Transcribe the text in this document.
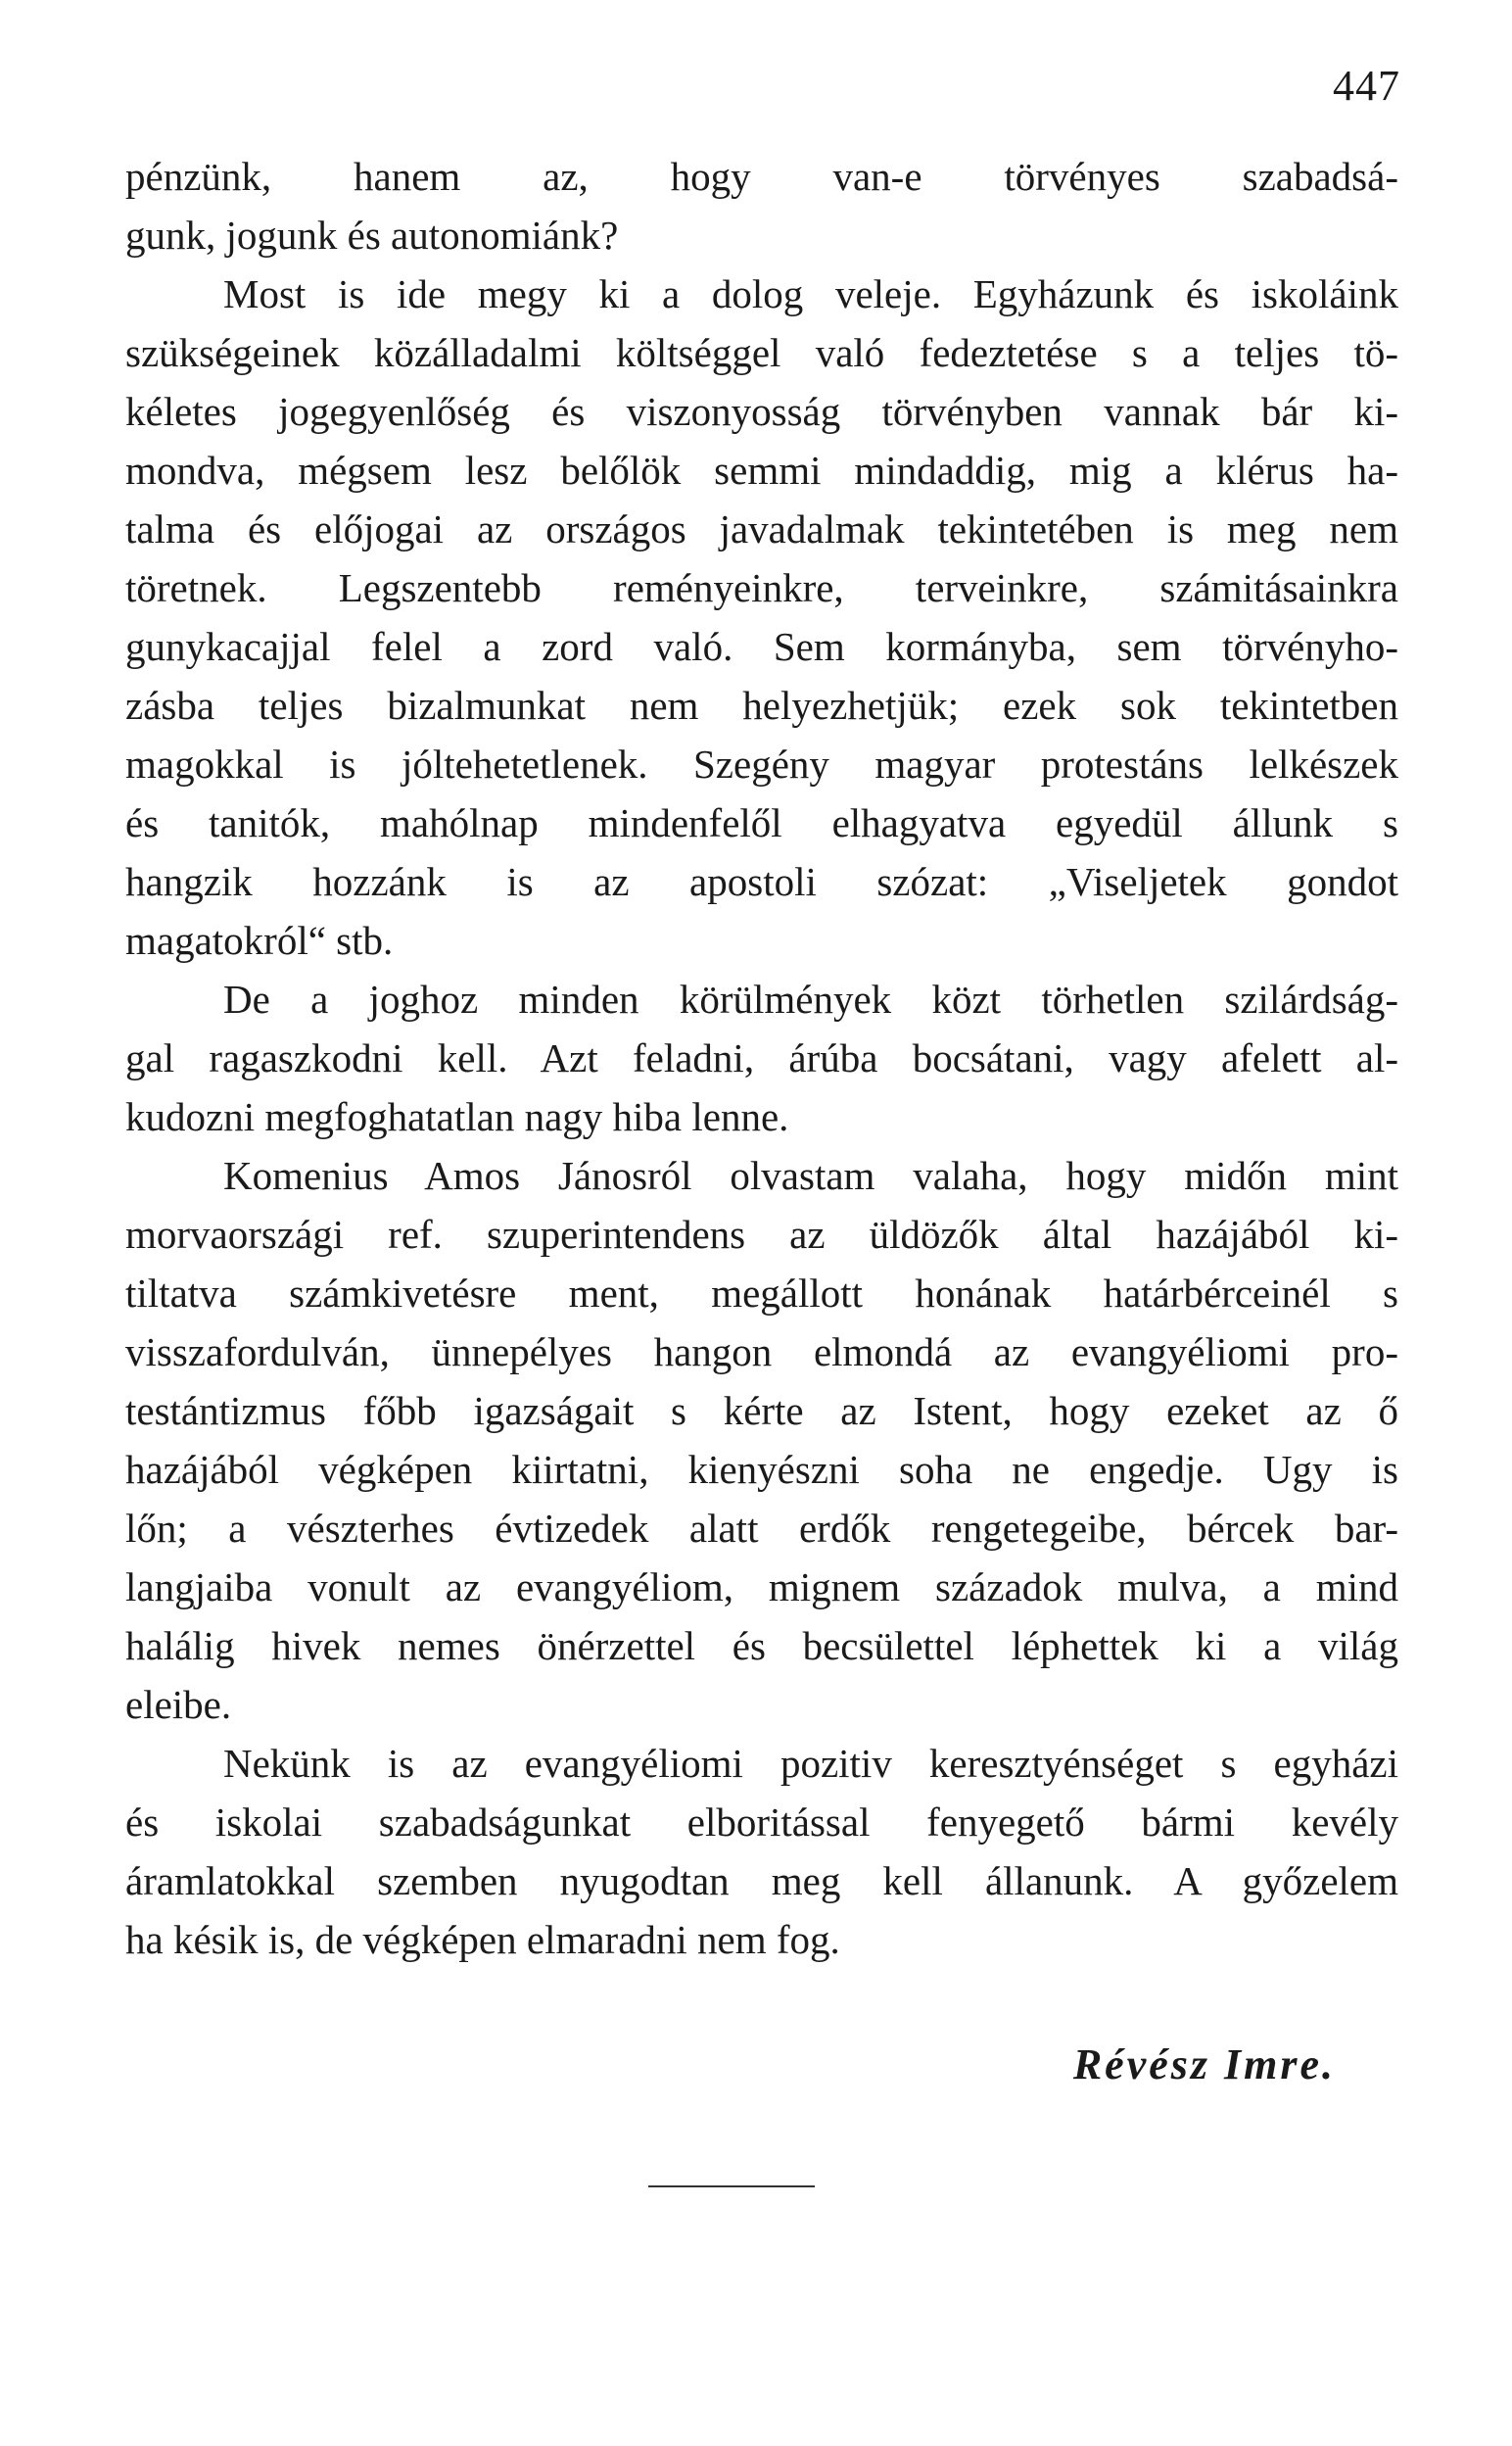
447
pénzünk, hanem az, hogy van-e törvényes szabadsá-
gunk, jogunk és autonomiánk?
Most is ide megy ki a dolog veleje. Egyházunk és iskoláink
szükségeinek közálladalmi költséggel való fedeztetése s a teljes tö-
kéletes jogegyenlőség és viszonyosság törvényben vannak bár ki-
mondva, mégsem lesz belőlök semmi mindaddig, mig a klérus ha-
talma és előjogai az országos javadalmak tekintetében is meg nem
töretnek. Legszentebb reményeinkre, terveinkre, számitásainkra
gunykacajjal felel a zord való. Sem kormányba, sem törvényho-
zásba teljes bizalmunkat nem helyezhetjük; ezek sok tekintetben
magokkal is jóltehetetlenek. Szegény magyar protestáns lelkészek
és tanitók, mahólnap mindenfelől elhagyatva egyedül állunk s
hangzik hozzánk is az apostoli szózat: „Viseljetek gondot
magatokról“ stb.
De a joghoz minden körülmények közt törhetlen szilárdság-
gal ragaszkodni kell. Azt feladni, árúba bocsátani, vagy afelett al-
kudozni megfoghatatlan nagy hiba lenne.
Komenius Amos Jánosról olvastam valaha, hogy midőn mint
morvaországi ref. szuperintendens az üldözők által hazájából ki-
tiltatva számkivetésre ment, megállott honának határbérceinél s
visszafordulván, ünnepélyes hangon elmondá az evangyéliomi pro-
testántizmus főbb igazságait s kérte az Istent, hogy ezeket az ő
hazájából végképen kiirtatni, kienyészni soha ne engedje. Ugy is
lőn; a vészterhes évtizedek alatt erdők rengetegeibe, bércek bar-
langjaiba vonult az evangyéliom, mignem századok mulva, a mind
halálig hivek nemes önérzettel és becsülettel léphettek ki a világ
eleibe.
Nekünk is az evangyéliomi pozitiv keresztyénséget s egyházi
és iskolai szabadságunkat elboritással fenyegető bármi kevély
áramlatokkal szemben nyugodtan meg kell állanunk. A győzelem
ha késik is, de végképen elmaradni nem fog.
Révész Imre.
